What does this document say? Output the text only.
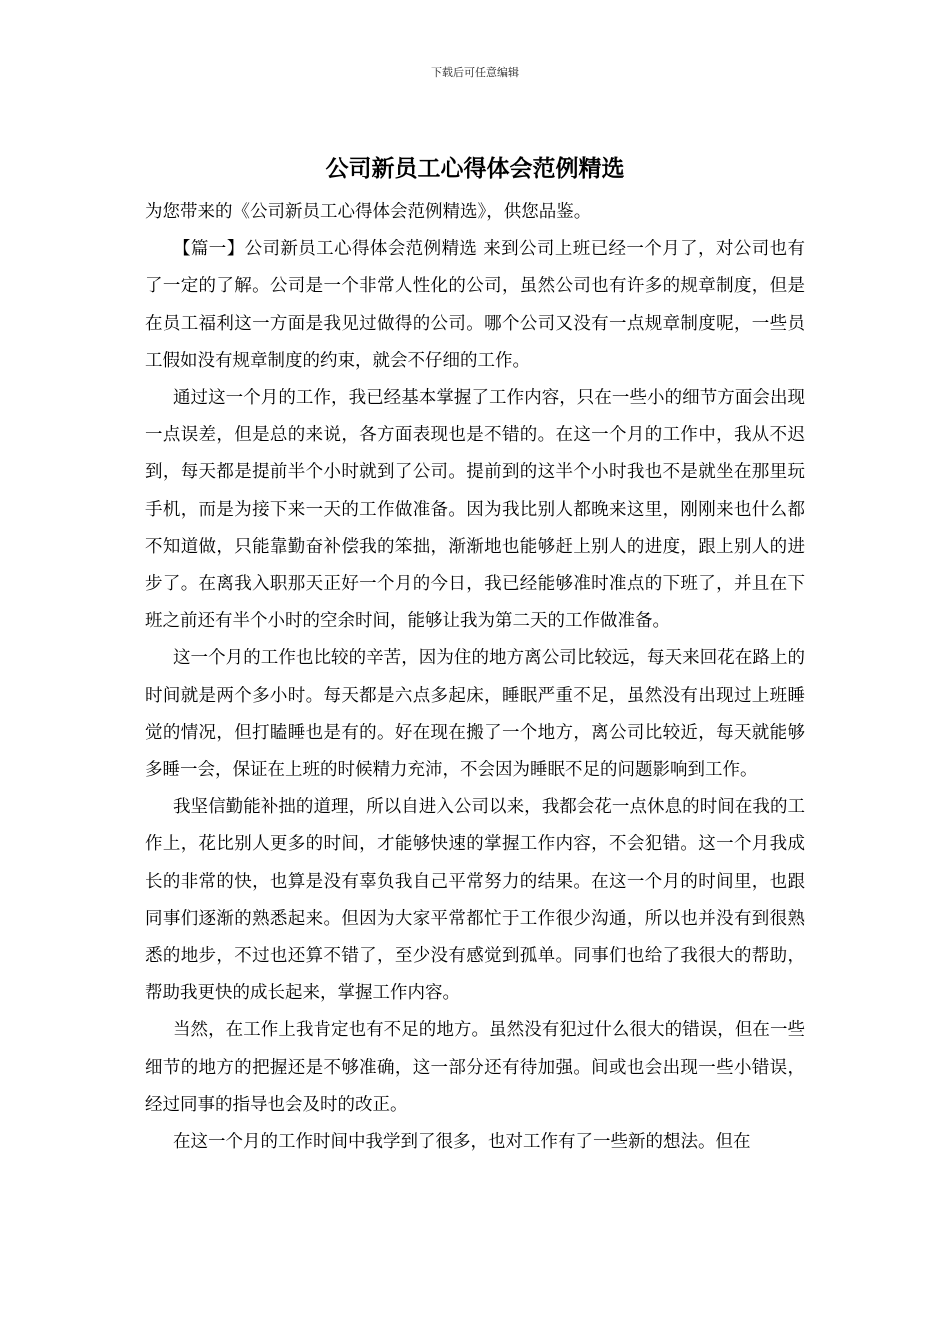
下载后可任意编辑
公司新员工心得体会范例精选

为您带来的《公司新员工心得体会范例精选》，供您品鉴。

【篇一】公司新员工心得体会范例精选 来到公司上班已经一个月了，对公司也有了一定的了解。公司是一个非常人性化的公司，虽然公司也有许多的规章制度，但是在员工福利这一方面是我见过做得的公司。哪个公司又没有一点规章制度呢，一些员工假如没有规章制度的约束，就会不仔细的工作。

通过这一个月的工作，我已经基本掌握了工作内容，只在一些小的细节方面会出现一点误差，但是总的来说，各方面表现也是不错的。在这一个月的工作中，我从不迟到，每天都是提前半个小时就到了公司。提前到的这半个小时我也不是就坐在那里玩手机，而是为接下来一天的工作做准备。因为我比别人都晚来这里，刚刚来也什么都不知道做，只能靠勤奋补偿我的笨拙，渐渐地也能够赶上别人的进度，跟上别人的进步了。在离我入职那天正好一个月的今日，我已经能够准时准点的下班了，并且在下班之前还有半个小时的空余时间，能够让我为第二天的工作做准备。

这一个月的工作也比较的辛苦，因为住的地方离公司比较远，每天来回花在路上的时间就是两个多小时。每天都是六点多起床，睡眠严重不足，虽然没有出现过上班睡觉的情况，但打瞌睡也是有的。好在现在搬了一个地方，离公司比较近，每天就能够多睡一会，保证在上班的时候精力充沛，不会因为睡眠不足的问题影响到工作。

我坚信勤能补拙的道理，所以自进入公司以来，我都会花一点休息的时间在我的工作上，花比别人更多的时间，才能够快速的掌握工作内容，不会犯错。这一个月我成长的非常的快，也算是没有辜负我自己平常努力的结果。在这一个月的时间里，也跟同事们逐渐的熟悉起来。但因为大家平常都忙于工作很少沟通，所以也并没有到很熟悉的地步，不过也还算不错了，至少没有感觉到孤单。同事们也给了我很大的帮助，帮助我更快的成长起来，掌握工作内容。

当然，在工作上我肯定也有不足的地方。虽然没有犯过什么很大的错误，但在一些细节的地方的把握还是不够准确，这一部分还有待加强。间或也会出现一些小错误，经过同事的指导也会及时的改正。

在这一个月的工作时间中我学到了很多，也对工作有了一些新的想法。但在
